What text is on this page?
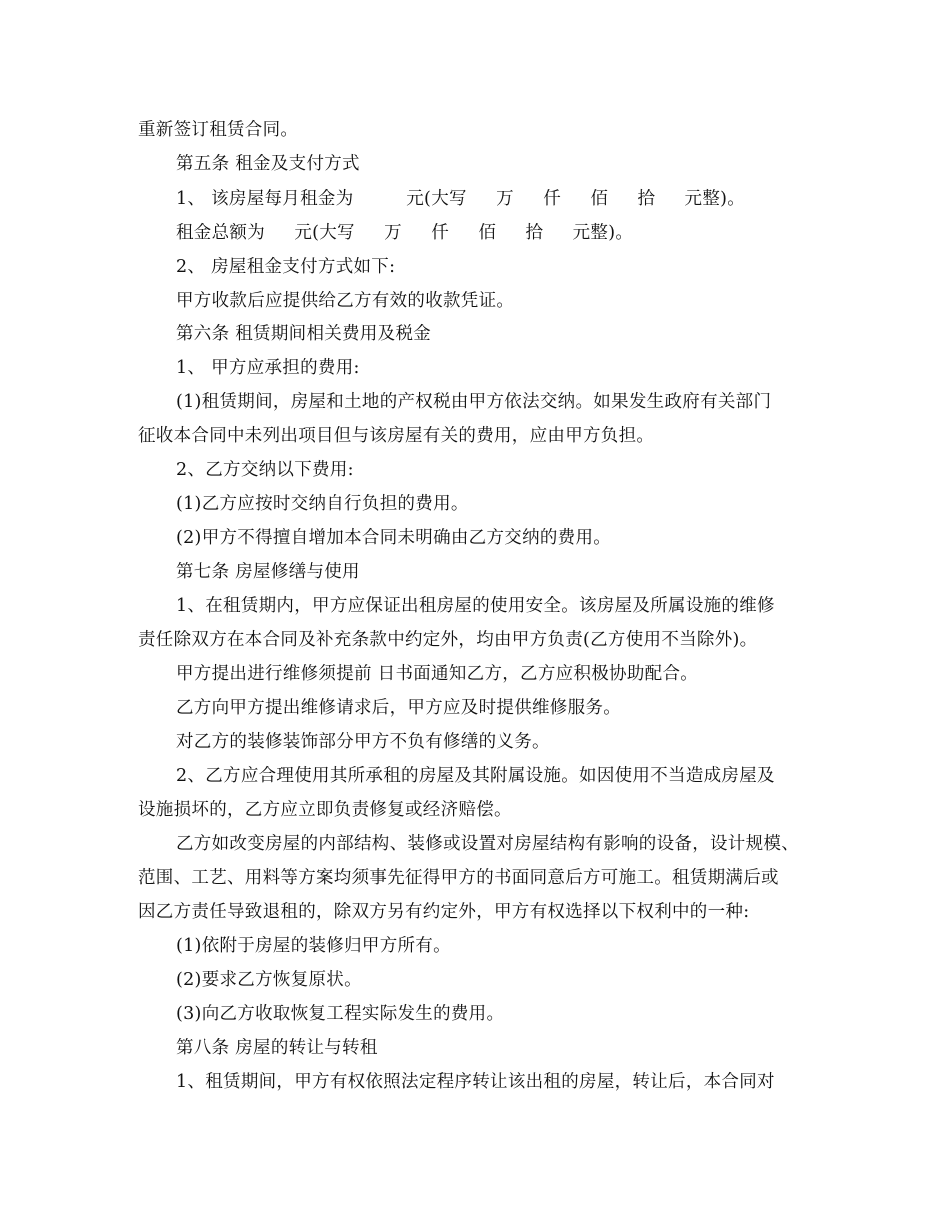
重新签订租赁合同。
第五条 租金及支付方式
1、 该房屋每月租金为         元(大写     万     仟     佰     拾     元整)。
租金总额为     元(大写     万     仟     佰     拾     元整)。
2、 房屋租金支付方式如下:
甲方收款后应提供给乙方有效的收款凭证。
第六条 租赁期间相关费用及税金
1、 甲方应承担的费用:
(1)租赁期间，房屋和土地的产权税由甲方依法交纳。如果发生政府有关部门
征收本合同中未列出项目但与该房屋有关的费用，应由甲方负担。
2、乙方交纳以下费用:
(1)乙方应按时交纳自行负担的费用。
(2)甲方不得擅自增加本合同未明确由乙方交纳的费用。
第七条 房屋修缮与使用
1、在租赁期内，甲方应保证出租房屋的使用安全。该房屋及所属设施的维修
责任除双方在本合同及补充条款中约定外，均由甲方负责(乙方使用不当除外)。
甲方提出进行维修须提前 日书面通知乙方，乙方应积极协助配合。
乙方向甲方提出维修请求后，甲方应及时提供维修服务。
对乙方的装修装饰部分甲方不负有修缮的义务。
2、乙方应合理使用其所承租的房屋及其附属设施。如因使用不当造成房屋及
设施损坏的，乙方应立即负责修复或经济赔偿。
乙方如改变房屋的内部结构、装修或设置对房屋结构有影响的设备，设计规模、
范围、工艺、用料等方案均须事先征得甲方的书面同意后方可施工。租赁期满后或
因乙方责任导致退租的，除双方另有约定外，甲方有权选择以下权利中的一种:
(1)依附于房屋的装修归甲方所有。
(2)要求乙方恢复原状。
(3)向乙方收取恢复工程实际发生的费用。
第八条 房屋的转让与转租
1、租赁期间，甲方有权依照法定程序转让该出租的房屋，转让后，本合同对
